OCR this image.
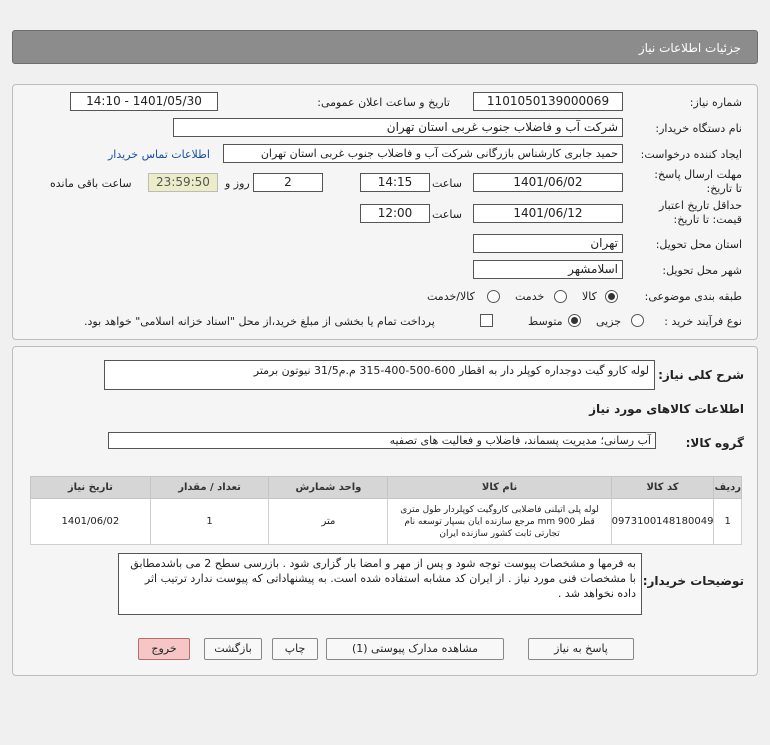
جزئیات اطلاعات نیاز
شماره نیاز:
1101050139000069
تاریخ و ساعت اعلان عمومی:
1401/05/30 - 14:10
نام دستگاه خریدار:
شرکت آب و فاضلاب جنوب غربی استان تهران
ایجاد کننده درخواست:
حمید جابری کارشناس بازرگانی شرکت آب و فاضلاب جنوب غربی استان تهران
اطلاعات تماس خریدار
مهلت ارسال پاسخ: تا تاریخ:
1401/06/02
ساعت
14:15
2
روز و
23:59:50
ساعت باقی مانده
حداقل تاریخ اعتبار قیمت: تا تاریخ:
1401/06/12
ساعت
12:00
استان محل تحویل:
تهران
شهر محل تحویل:
اسلامشهر
طبقه بندی موضوعی:
کالا
خدمت
کالا/خدمت
نوع فرآیند خرید :
جزیی
متوسط
پرداخت تمام یا بخشی از مبلغ خرید،از محل "اسناد خزانه اسلامی" خواهد بود.
شرح کلی نیاز:
لوله کارو گیت دوجداره کوپلر دار به اقطار 600-500-400-315 م.م31/5 نیوتون برمتر
اطلاعات کالاهای مورد نیاز
گروه کالا:
آب رسانی؛ مدیریت پسماند، فاضلاب و فعالیت های تصفیه
ردیف	کد کالا	نام کالا	واحد شمارش	تعداد / مقدار	تاریخ نیاز
1	0973100148180049	لوله پلی اتیلنی فاضلابی کاروگیت کوپلردار طول متری قطر 900 mm مرجع سازنده ایان بسپار توسعه نام تجارتی ثابت کشور سازنده ایران	متر	1	1401/06/02
توضیحات خریدار:
به فرمها و مشخصات پیوست توجه شود و پس از مهر و امضا بار گزاری شود . بازرسی سطح 2 می باشدمطابق با مشخصات فنی مورد نیاز . از ایران کد مشابه استفاده شده است. به پیشنهاداتی که پیوست ندارد ترتیب اثر داده نخواهد شد .
پاسخ به نیاز
مشاهده مدارک پیوستی (1)
چاپ
بازگشت
خروج
